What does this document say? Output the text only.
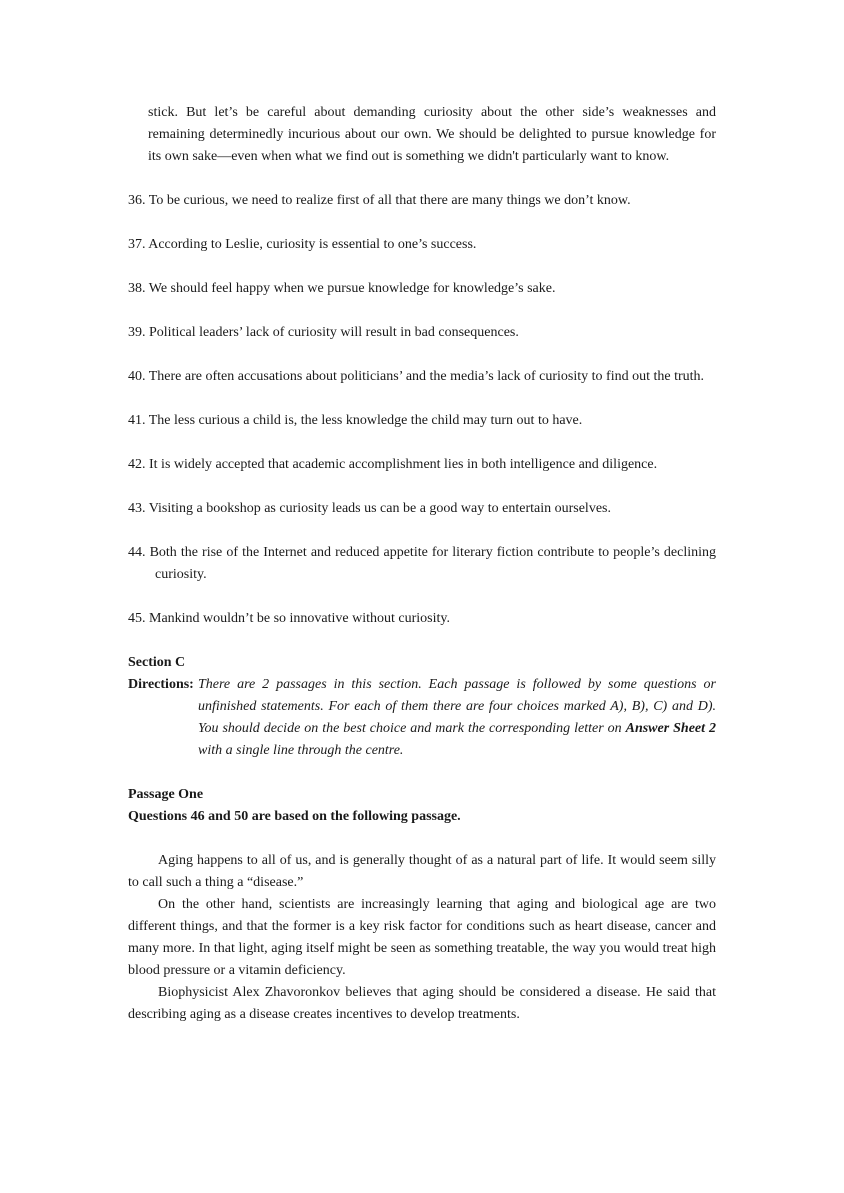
stick. But let’s be careful about demanding curiosity about the other side’s weaknesses and remaining determinedly incurious about our own. We should be delighted to pursue knowledge for its own sake—even when what we find out is something we didn't particularly want to know.

36. To be curious, we need to realize first of all that there are many things we don’t know.
37. According to Leslie, curiosity is essential to one’s success.
38. We should feel happy when we pursue knowledge for knowledge’s sake.
39. Political leaders’ lack of curiosity will result in bad consequences.
40. There are often accusations about politicians’ and the media’s lack of curiosity to find out the truth.
41. The less curious a child is, the less knowledge the child may turn out to have.
42. It is widely accepted that academic accomplishment lies in both intelligence and diligence.
43. Visiting a bookshop as curiosity leads us can be a good way to entertain ourselves.
44. Both the rise of the Internet and reduced appetite for literary fiction contribute to people’s declining curiosity.
45. Mankind wouldn’t be so innovative without curiosity.
Section C
Directions: There are 2 passages in this section. Each passage is followed by some questions or unfinished statements. For each of them there are four choices marked A), B), C) and D). You should decide on the best choice and mark the corresponding letter on Answer Sheet 2 with a single line through the centre.
Passage One
Questions 46 and 50 are based on the following passage.

Aging happens to all of us, and is generally thought of as a natural part of life. It would seem silly to call such a thing a “disease.”

On the other hand, scientists are increasingly learning that aging and biological age are two different things, and that the former is a key risk factor for conditions such as heart disease, cancer and many more. In that light, aging itself might be seen as something treatable, the way you would treat high blood pressure or a vitamin deficiency.

Biophysicist Alex Zhavoronkov believes that aging should be considered a disease. He said that describing aging as a disease creates incentives to develop treatments.
